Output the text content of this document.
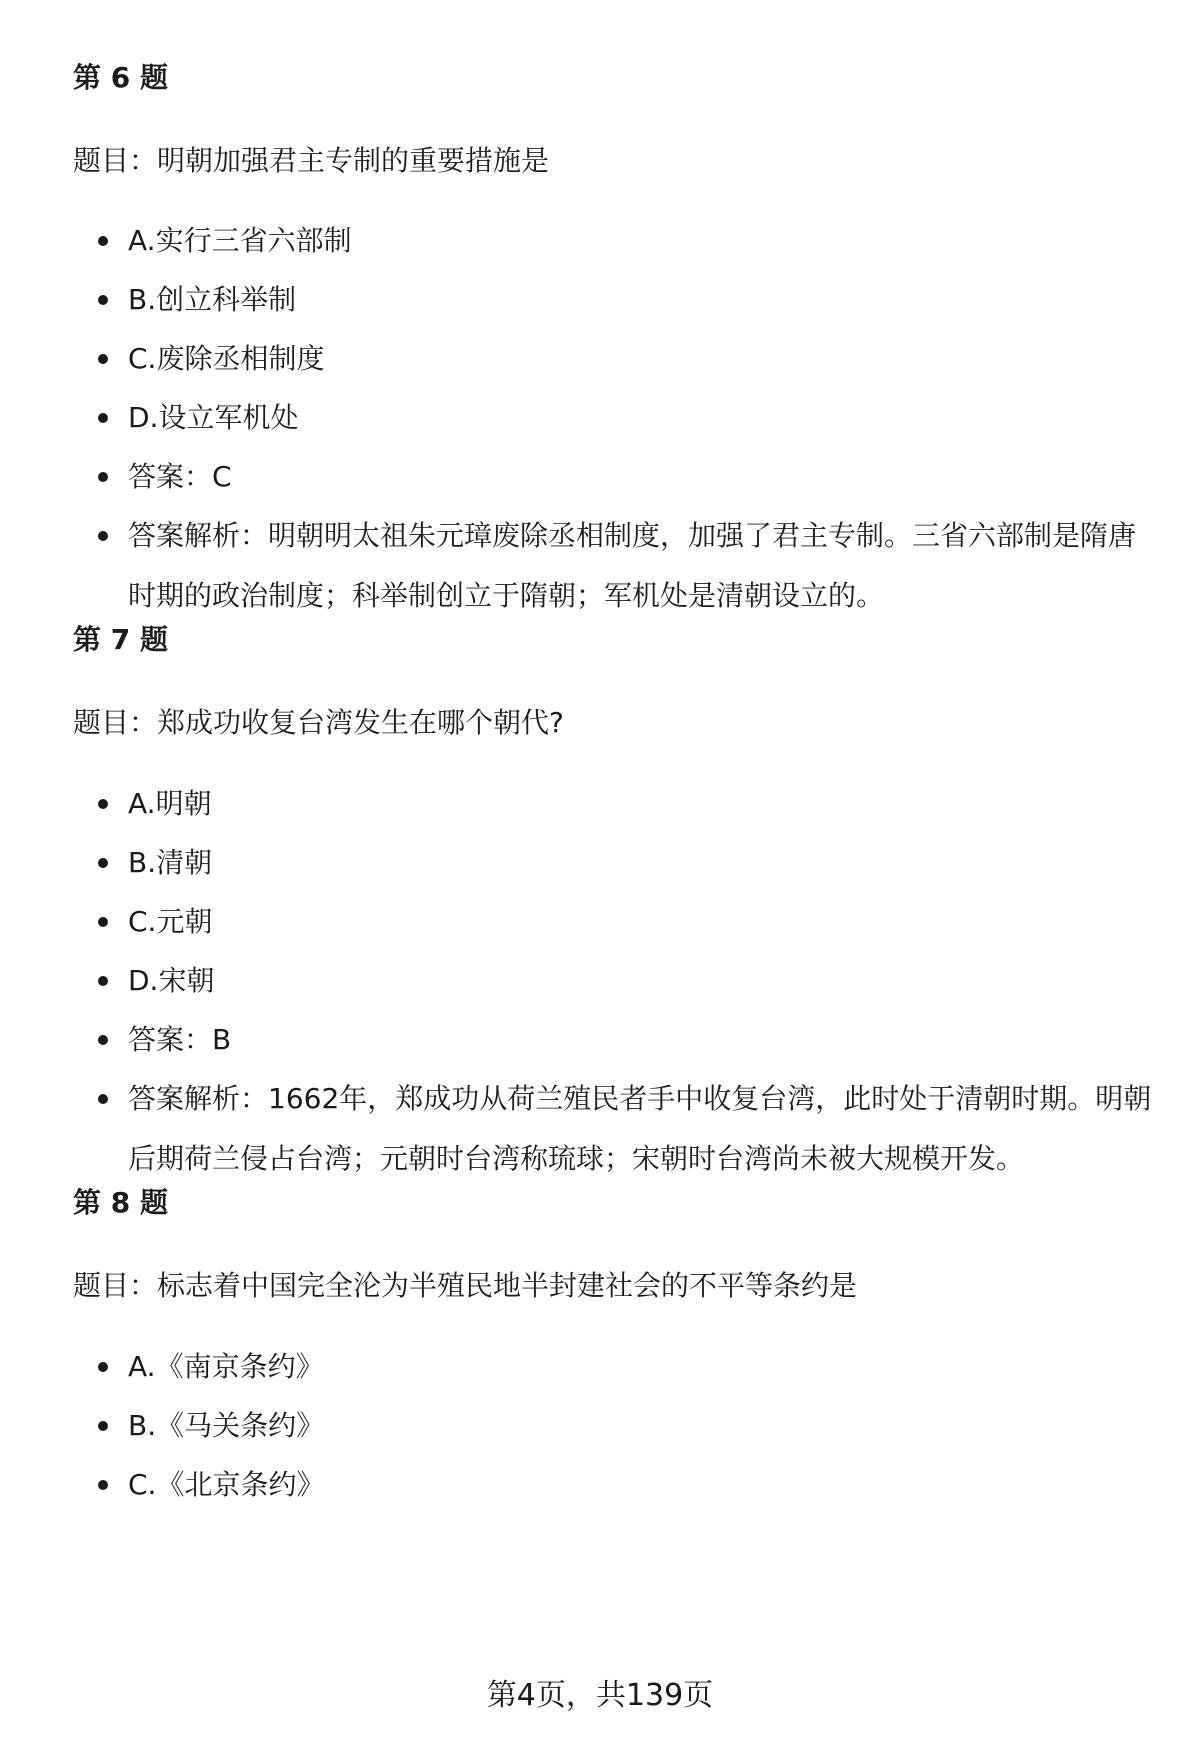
第 6 题

题目：明朝加强君主专制的重要措施是

A.实行三省六部制
B.创立科举制
C.废除丞相制度
D.设立军机处
答案：C
答案解析：明朝明太祖朱元璋废除丞相制度，加强了君主专制。三省六部制是隋唐时期的政治制度；科举制创立于隋朝；军机处是清朝设立的。
第 7 题

题目：郑成功收复台湾发生在哪个朝代?

A.明朝
B.清朝
C.元朝
D.宋朝
答案：B
答案解析：1662年，郑成功从荷兰殖民者手中收复台湾，此时处于清朝时期。明朝后期荷兰侵占台湾；元朝时台湾称琉球；宋朝时台湾尚未被大规模开发。
第 8 题

题目：标志着中国完全沦为半殖民地半封建社会的不平等条约是

A.《南京条约》
B.《马关条约》
C.《北京条约》
第4页，共139页
